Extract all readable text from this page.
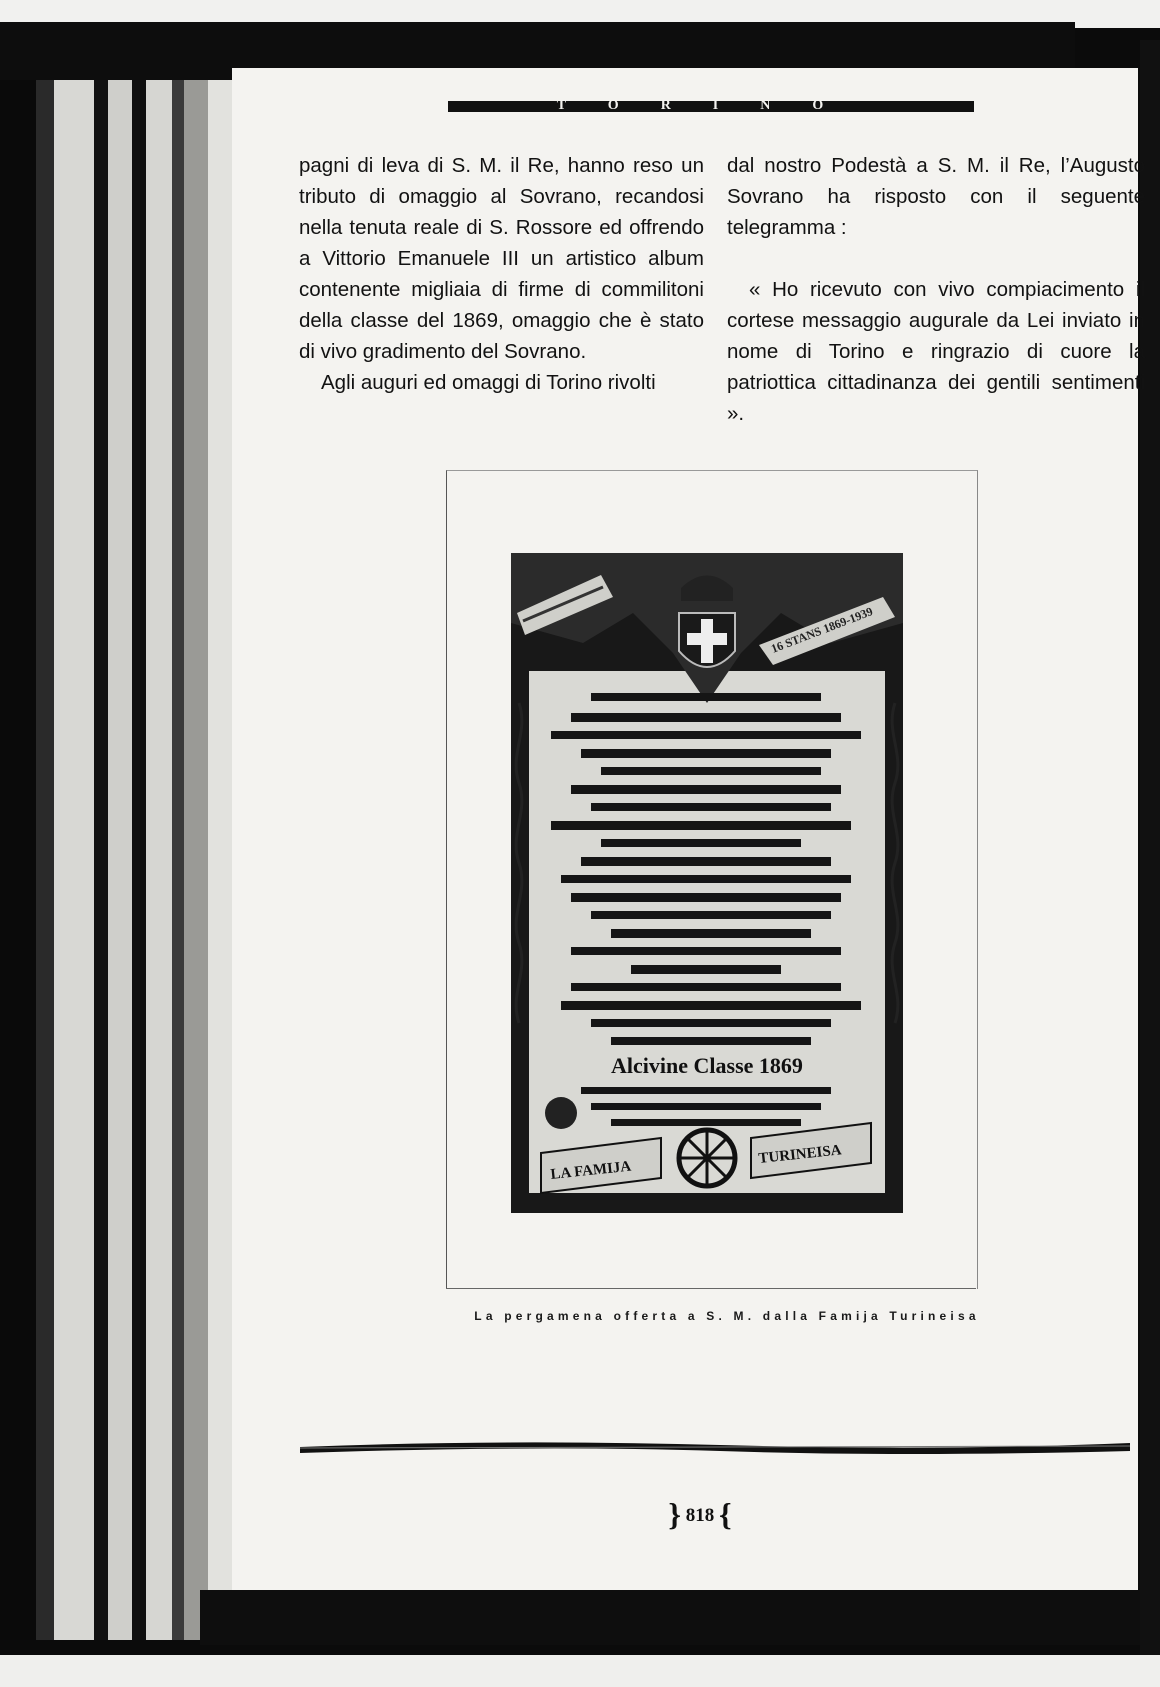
TORINO

pagni di leva di S. M. il Re, hanno reso un tributo di omaggio al Sovrano, recandosi nella tenuta reale di S. Rossore ed offrendo a Vittorio Emanuele III un artistico album contenente migliaia di firme di commilitoni della classe del 1869, omaggio che è stato di vivo gradimento del Sovrano.

Agli auguri ed omaggi di Torino rivolti

dal nostro Podestà a S. M. il Re, l’Augusto Sovrano ha risposto con il seguente telegramma :

« Ho ricevuto con vivo compiacimento il cortese messaggio augurale da Lei inviato in nome di Torino e ringrazio di cuore la patriottica cittadinanza dei gentili sentimenti ».

16 STANS 1869-1939
Alcivine Classe 1869
LA FAMIJA
TURINEISA
La pergamena offerta a S. M. dalla Famija Turineisa
} 818 {
